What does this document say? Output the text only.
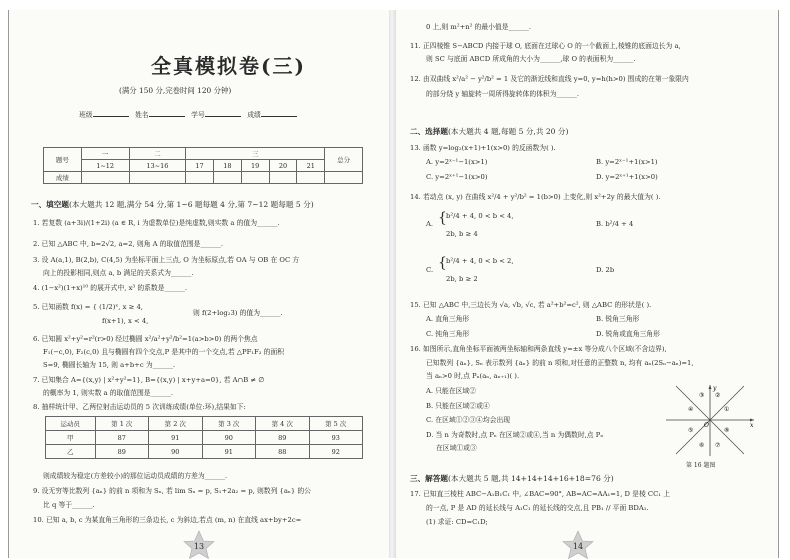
全真模拟卷(三)
(满分 150 分,完卷时间 120 分钟)
班级	姓名	学号	成绩
题号	一	二	三					总分
	1~12	13~16	17	18	19	20	21	
成绩								
一、填空题(本大题共 12 题,满分 54 分,第 1~6 题每题 4 分,第 7~12 题每题 5 分)
1. 若复数 (a+3i)/(1+2i) (a ∈ R, i 为虚数单位)是纯虚数,则实数 a 的值为______.
2. 已知 △ABC 中, b=2√2, a=2, 则角 A 的取值范围是______.
3. 设 A(a,1), B(2,b), C(4,5) 为坐标平面上三点, O 为坐标原点,若 OA 与 OB 在 OC 方
向上的投影相同,则点 a, b 满足的关系式为______.
4. (1−x²)(1+x)¹⁰ 的展开式中, x³ 的系数是______.
5. 已知函数 f(x) = { (1/2)ˣ, x ≥ 4,
则 f(2+log₂3) 的值为______.
f(x+1), x < 4,
6. 已知圆 x²+y²=r²(r>0) 经过椭圆 x²/a²+y²/b²=1(a>b>0) 的两个焦点
F₁(−c,0), F₂(c,0) 且与椭圆有四个交点,P 是其中的一个交点,若 △PF₁F₂ 的面积
S=9, 椭圆长轴为 15, 则 a+b+c 为______.
7. 已知集合 A={(x,y) | x²+y²=1}, B={(x,y) | x+y+a=0}, 若 A∩B ≠ ∅
的概率为 1, 则实数 a 的取值范围是______.
8. 抽样统计甲、乙两位射击运动员的 5 次训练成绩(单位:环),结果如下:
运动员	第 1 次	第 2 次	第 3 次	第 4 次	第 5 次
甲	87	91	90	89	93
乙	89	90	91	88	92
则成绩较为稳定(方差较小)的那位运动员成绩的方差为______.
9. 设无穷等比数列 {aₙ} 的前 n 项和为 Sₙ, 若 lim Sₙ = p, S₁+2a₂ = p, 则数列 {aₙ} 的公
比 q 等于______.
10. 已知 a, b, c 为某直角三角形的三条边长, c 为斜边,若点 (m, n) 在直线 ax+by+2c=
13
0 上,则 m²+n² 的最小值是______.
11. 正四棱锥 S−ABCD 内接于球 O, 底面在过球心 O 的一个截面上,棱锥的底面边长为 a,
则 SC 与底面 ABCD 所成角的大小为______,球 O 的表面积为______.
12. 由双曲线 x²/a² − y²/b² = 1 及它的渐近线和直线 y=0, y=h(h>0) 围成的在第一象限内
的部分绕 y 轴旋转一周所得旋转体的体积为______.
二、选择题(本大题共 4 题,每题 5 分,共 20 分)
13. 函数 y=log₂(x+1)+1(x>0) 的反函数为( ).
A. y=2ˣ⁻¹−1(x>1)	B. y=2ˣ⁻¹+1(x>1)
C. y=2ˣ⁺¹−1(x>0)	D. y=2ˣ⁺¹+1(x>0)
14. 若动点 (x, y) 在曲线 x²/4 + y²/b² = 1(b>0) 上变化,则 x²+2y 的最大值为( ).
A. { b²/4 + 4, 0 < b < 4,
2b, b ≥ 4
B. b²/4 + 4
C. { b²/4 + 4, 0 < b < 2,
2b, b ≥ 2
D. 2b
15. 已知 △ABC 中,三边长为 √a, √b, √c, 若 a²+b²=c², 则 △ABC 的形状是( ).
A. 直角三角形	B. 锐角三角形
C. 钝角三角形	D. 锐角或直角三角形
16. 如图所示,直角坐标平面被两坐标轴和两条直线 y=±x 等分成八个区域(不含边界),
已知数列 {aₙ}, Sₙ 表示数列 {aₙ} 的前 n 项和,对任意的正整数 n, 均有 aₙ(2Sₙ−aₙ)=1,
当 aₙ>0 时,点 Pₙ(aₙ, aₙ₊₁)( ).
A. 只能在区域②
B. 只能在区域②或④
C. 在区域①②③④均会出现
D. 当 n 为奇数时,点 Pₙ 在区域②或④,当 n 为偶数时,点 Pₙ
在区域①或③
①
②
③
④
⑤
⑥ ⑦
⑧
x
y
O
第 16 题图
三、解答题(本大题共 5 题,共 14+14+14+16+18=76 分)
17. 已知直三棱柱 ABC−A₁B₁C₁ 中, ∠BAC=90°, AB=AC=AA₁=1, D 是棱 CC₁ 上
的一点, P 是 AD 的延长线与 A₁C₁ 的延长线的交点,且 PB₁ // 平面 BDA₁.
(1) 求证: CD=C₁D;
14
